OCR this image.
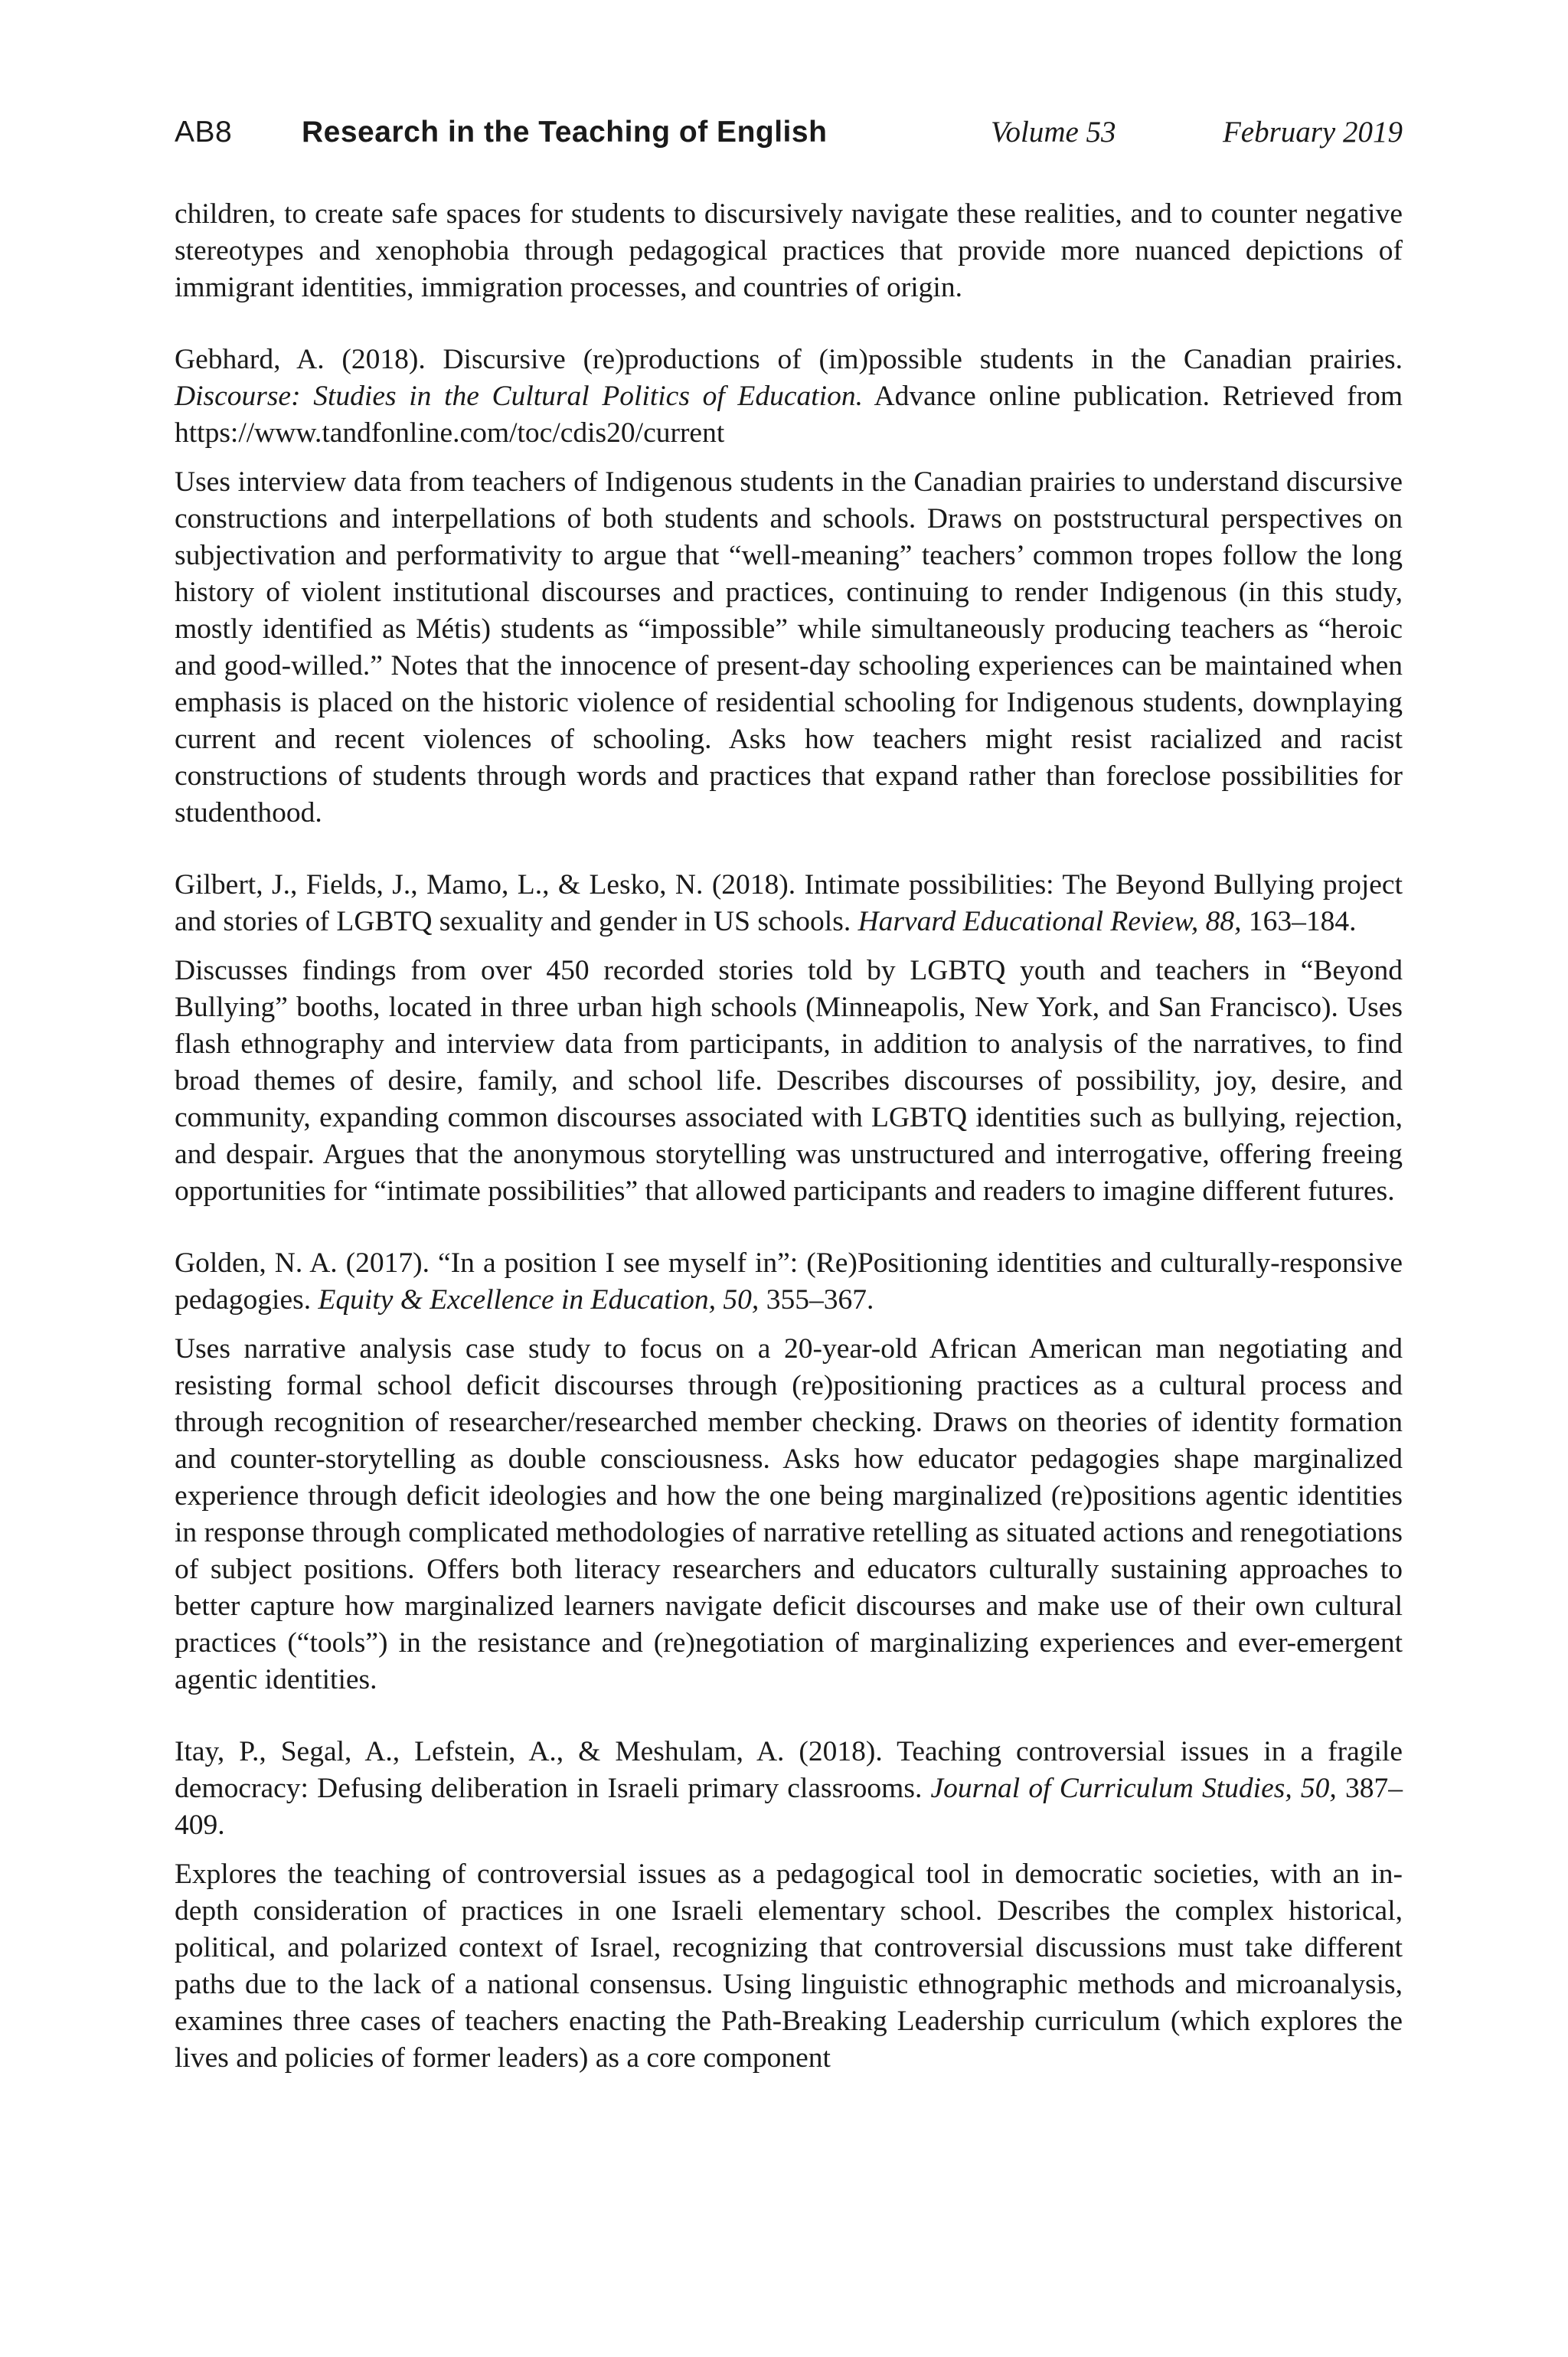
AB8	Research in the Teaching of English	Volume 53	February 2019

children, to create safe spaces for students to discursively navigate these realities, and to counter negative stereotypes and xenophobia through pedagogical practices that provide more nuanced depictions of immigrant identities, immigration processes, and countries of origin.

Gebhard, A. (2018). Discursive (re)productions of (im)possible students in the Canadian prairies. Discourse: Studies in the Cultural Politics of Education. Advance online publication. Retrieved from https://www.tandfonline.com/toc/cdis20/current

Uses interview data from teachers of Indigenous students in the Canadian prairies to understand discursive constructions and interpellations of both students and schools. Draws on poststructural perspectives on subjectivation and performativity to argue that “well-meaning” teachers’ common tropes follow the long history of violent institutional discourses and practices, continuing to render Indigenous (in this study, mostly identified as Métis) students as “impossible” while simultaneously producing teachers as “heroic and good-willed.” Notes that the innocence of present-day schooling experiences can be maintained when emphasis is placed on the historic violence of residential schooling for Indigenous students, downplaying current and recent violences of schooling. Asks how teachers might resist racialized and racist constructions of students through words and practices that expand rather than foreclose possibilities for studenthood.

Gilbert, J., Fields, J., Mamo, L., & Lesko, N. (2018). Intimate possibilities: The Beyond Bullying project and stories of LGBTQ sexuality and gender in US schools. Harvard Educational Review, 88, 163–184.

Discusses findings from over 450 recorded stories told by LGBTQ youth and teachers in “Beyond Bullying” booths, located in three urban high schools (Minneapolis, New York, and San Francisco). Uses flash ethnography and interview data from participants, in addition to analysis of the narratives, to find broad themes of desire, family, and school life. Describes discourses of possibility, joy, desire, and community, expanding common discourses associated with LGBTQ identities such as bullying, rejection, and despair. Argues that the anonymous storytelling was unstructured and interrogative, offering freeing opportunities for “intimate possibilities” that allowed participants and readers to imagine different futures.

Golden, N. A. (2017). “In a position I see myself in”: (Re)Positioning identities and culturally-responsive pedagogies. Equity & Excellence in Education, 50, 355–367.

Uses narrative analysis case study to focus on a 20-year-old African American man negotiating and resisting formal school deficit discourses through (re)positioning practices as a cultural process and through recognition of researcher/researched member checking. Draws on theories of identity formation and counter-storytelling as double consciousness. Asks how educator pedagogies shape marginalized experience through deficit ideologies and how the one being marginalized (re)positions agentic identities in response through complicated methodologies of narrative retelling as situated actions and renegotiations of subject positions. Offers both literacy researchers and educators culturally sustaining approaches to better capture how marginalized learners navigate deficit discourses and make use of their own cultural practices (“tools”) in the resistance and (re)negotiation of marginalizing experiences and ever-emergent agentic identities.

Itay, P., Segal, A., Lefstein, A., & Meshulam, A. (2018). Teaching controversial issues in a fragile democracy: Defusing deliberation in Israeli primary classrooms. Journal of Curriculum Studies, 50, 387–409.

Explores the teaching of controversial issues as a pedagogical tool in democratic societies, with an in-depth consideration of practices in one Israeli elementary school. Describes the complex historical, political, and polarized context of Israel, recognizing that controversial discussions must take different paths due to the lack of a national consensus. Using linguistic ethnographic methods and microanalysis, examines three cases of teachers enacting the Path-Breaking Leadership curriculum (which explores the lives and policies of former leaders) as a core component
